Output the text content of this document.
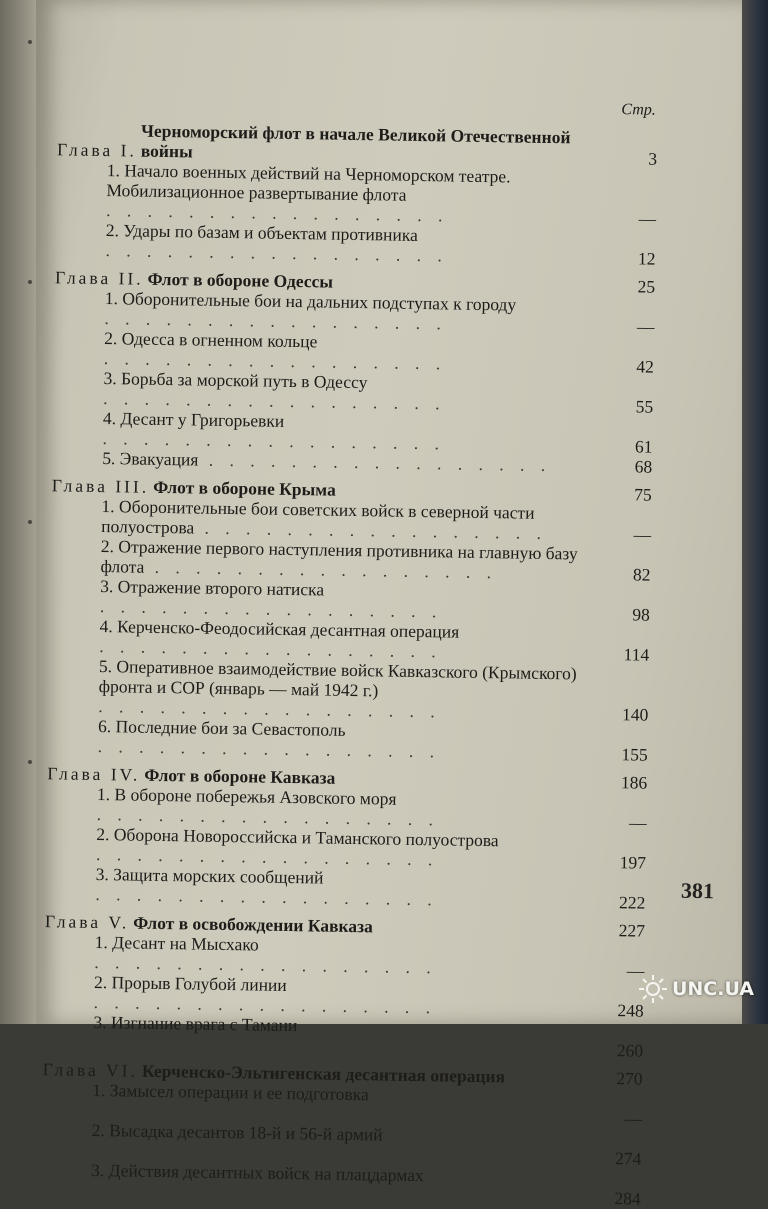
Стр.
Глава I.
Черноморский флот в начале Великой Отечественной войны	3
1. Начало военных действий на Черноморском театре. Мобилизационное развертывание флота . . . . . . . . . . . . . . . . .	—
2. Удары по базам и объектам противника . . . . . . . . . . . . . . . . .	12
Глава II. Флот в обороне Одессы	25
1. Оборонительные бои на дальних подступах к городу . . . . . . . . . . . . . . . . .	—
2. Одесса в огненном кольце . . . . . . . . . . . . . . . . .	42
3. Борьба за морской путь в Одессу . . . . . . . . . . . . . . . . .	55
4. Десант у Григорьевки . . . . . . . . . . . . . . . . .	61
5. Эвакуация . . . . . . . . . . . . . . . . .	68
Глава III. Флот в обороне Крыма	75
1. Оборонительные бои советских войск в северной части полуострова . . . . . . . . . . . . . . . . .	—
2. Отражение первого наступления противника на главную базу флота . . . . . . . . . . . . . . . . .	82
3. Отражение второго натиска . . . . . . . . . . . . . . . . .	98
4. Керченско-Феодосийская десантная операция . . . . . . . . . . . . . . . . .	114
5. Оперативное взаимодействие войск Кавказского (Крымского) фронта и СОР (январь — май 1942 г.) . . . . . . . . . . . . . . . . .	140
6. Последние бои за Севастополь . . . . . . . . . . . . . . . . .	155
Глава IV. Флот в обороне Кавказа	186
1. В обороне побережья Азовского моря . . . . . . . . . . . . . . . . .	—
2. Оборона Новороссийска и Таманского полуострова . . . . . . . . . . . . . . . . .	197
3. Защита морских сообщений . . . . . . . . . . . . . . . . .	222
Глава V. Флот в освобождении Кавказа	227
1. Десант на Мысхако . . . . . . . . . . . . . . . . .	—
2. Прорыв Голубой линии . . . . . . . . . . . . . . . . .	248
3. Изгнание врага с Тамани . . . . . . . . . . . . . . . . .	260
Глава VI. Керченско-Эльтигенская десантная операция	270
1. Замысел операции и ее подготовка . . . . . . . . . . . . . . . . .	—
2. Высадка десантов 18-й и 56-й армий . . . . . . . . . . . . . . . . .	274
3. Действия десантных войск на плацдармах . . . . . . . . . . . . . . . . .	284
381
UNC.UA
